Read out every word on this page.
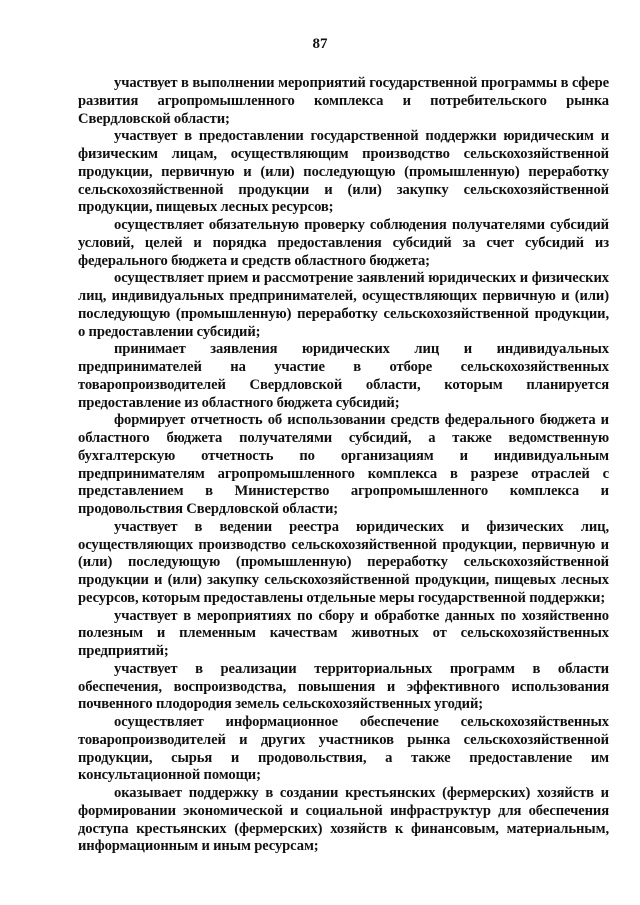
87

участвует в выполнении мероприятий государственной программы в сфере развития агропромышленного комплекса и потребительского рынка Свердловской области;

участвует в предоставлении государственной поддержки юридическим и физическим лицам, осуществляющим производство сельскохозяйственной продукции, первичную и (или) последующую (промышленную) переработку сельскохозяйственной продукции и (или) закупку сельскохозяйственной продукции, пищевых лесных ресурсов;

осуществляет обязательную проверку соблюдения получателями субсидий условий, целей и порядка предоставления субсидий за счет субсидий из федерального бюджета и средств областного бюджета;

осуществляет прием и рассмотрение заявлений юридических и физических лиц, индивидуальных предпринимателей, осуществляющих первичную и (или) последующую (промышленную) переработку сельскохозяйственной продукции, о предоставлении субсидий;

принимает заявления юридических лиц и индивидуальных предпринимателей на участие в отборе сельскохозяйственных товаропроизводителей Свердловской области, которым планируется предоставление из областного бюджета субсидий;

формирует отчетность об использовании средств федерального бюджета и областного бюджета получателями субсидий, а также ведомственную бухгалтерскую отчетность по организациям и индивидуальным предпринимателям агропромышленного комплекса в разрезе отраслей с представлением в Министерство агропромышленного комплекса и продовольствия Свердловской области;

участвует в ведении реестра юридических и физических лиц, осуществляющих производство сельскохозяйственной продукции, первичную и (или) последующую (промышленную) переработку сельскохозяйственной продукции и (или) закупку сельскохозяйственной продукции, пищевых лесных ресурсов, которым предоставлены отдельные меры государственной поддержки;

участвует в мероприятиях по сбору и обработке данных по хозяйственно полезным и племенным качествам животных от сельскохозяйственных предприятий;

участвует в реализации территориальных программ в области обеспечения, воспроизводства, повышения и эффективного использования почвенного плодородия земель сельскохозяйственных угодий;

осуществляет информационное обеспечение сельскохозяйственных товаропроизводителей и других участников рынка сельскохозяйственной продукции, сырья и продовольствия, а также предоставление им консультационной помощи;

оказывает поддержку в создании крестьянских (фермерских) хозяйств и формировании экономической и социальной инфраструктур для обеспечения доступа крестьянских (фермерских) хозяйств к финансовым, материальным, информационным и иным ресурсам;
